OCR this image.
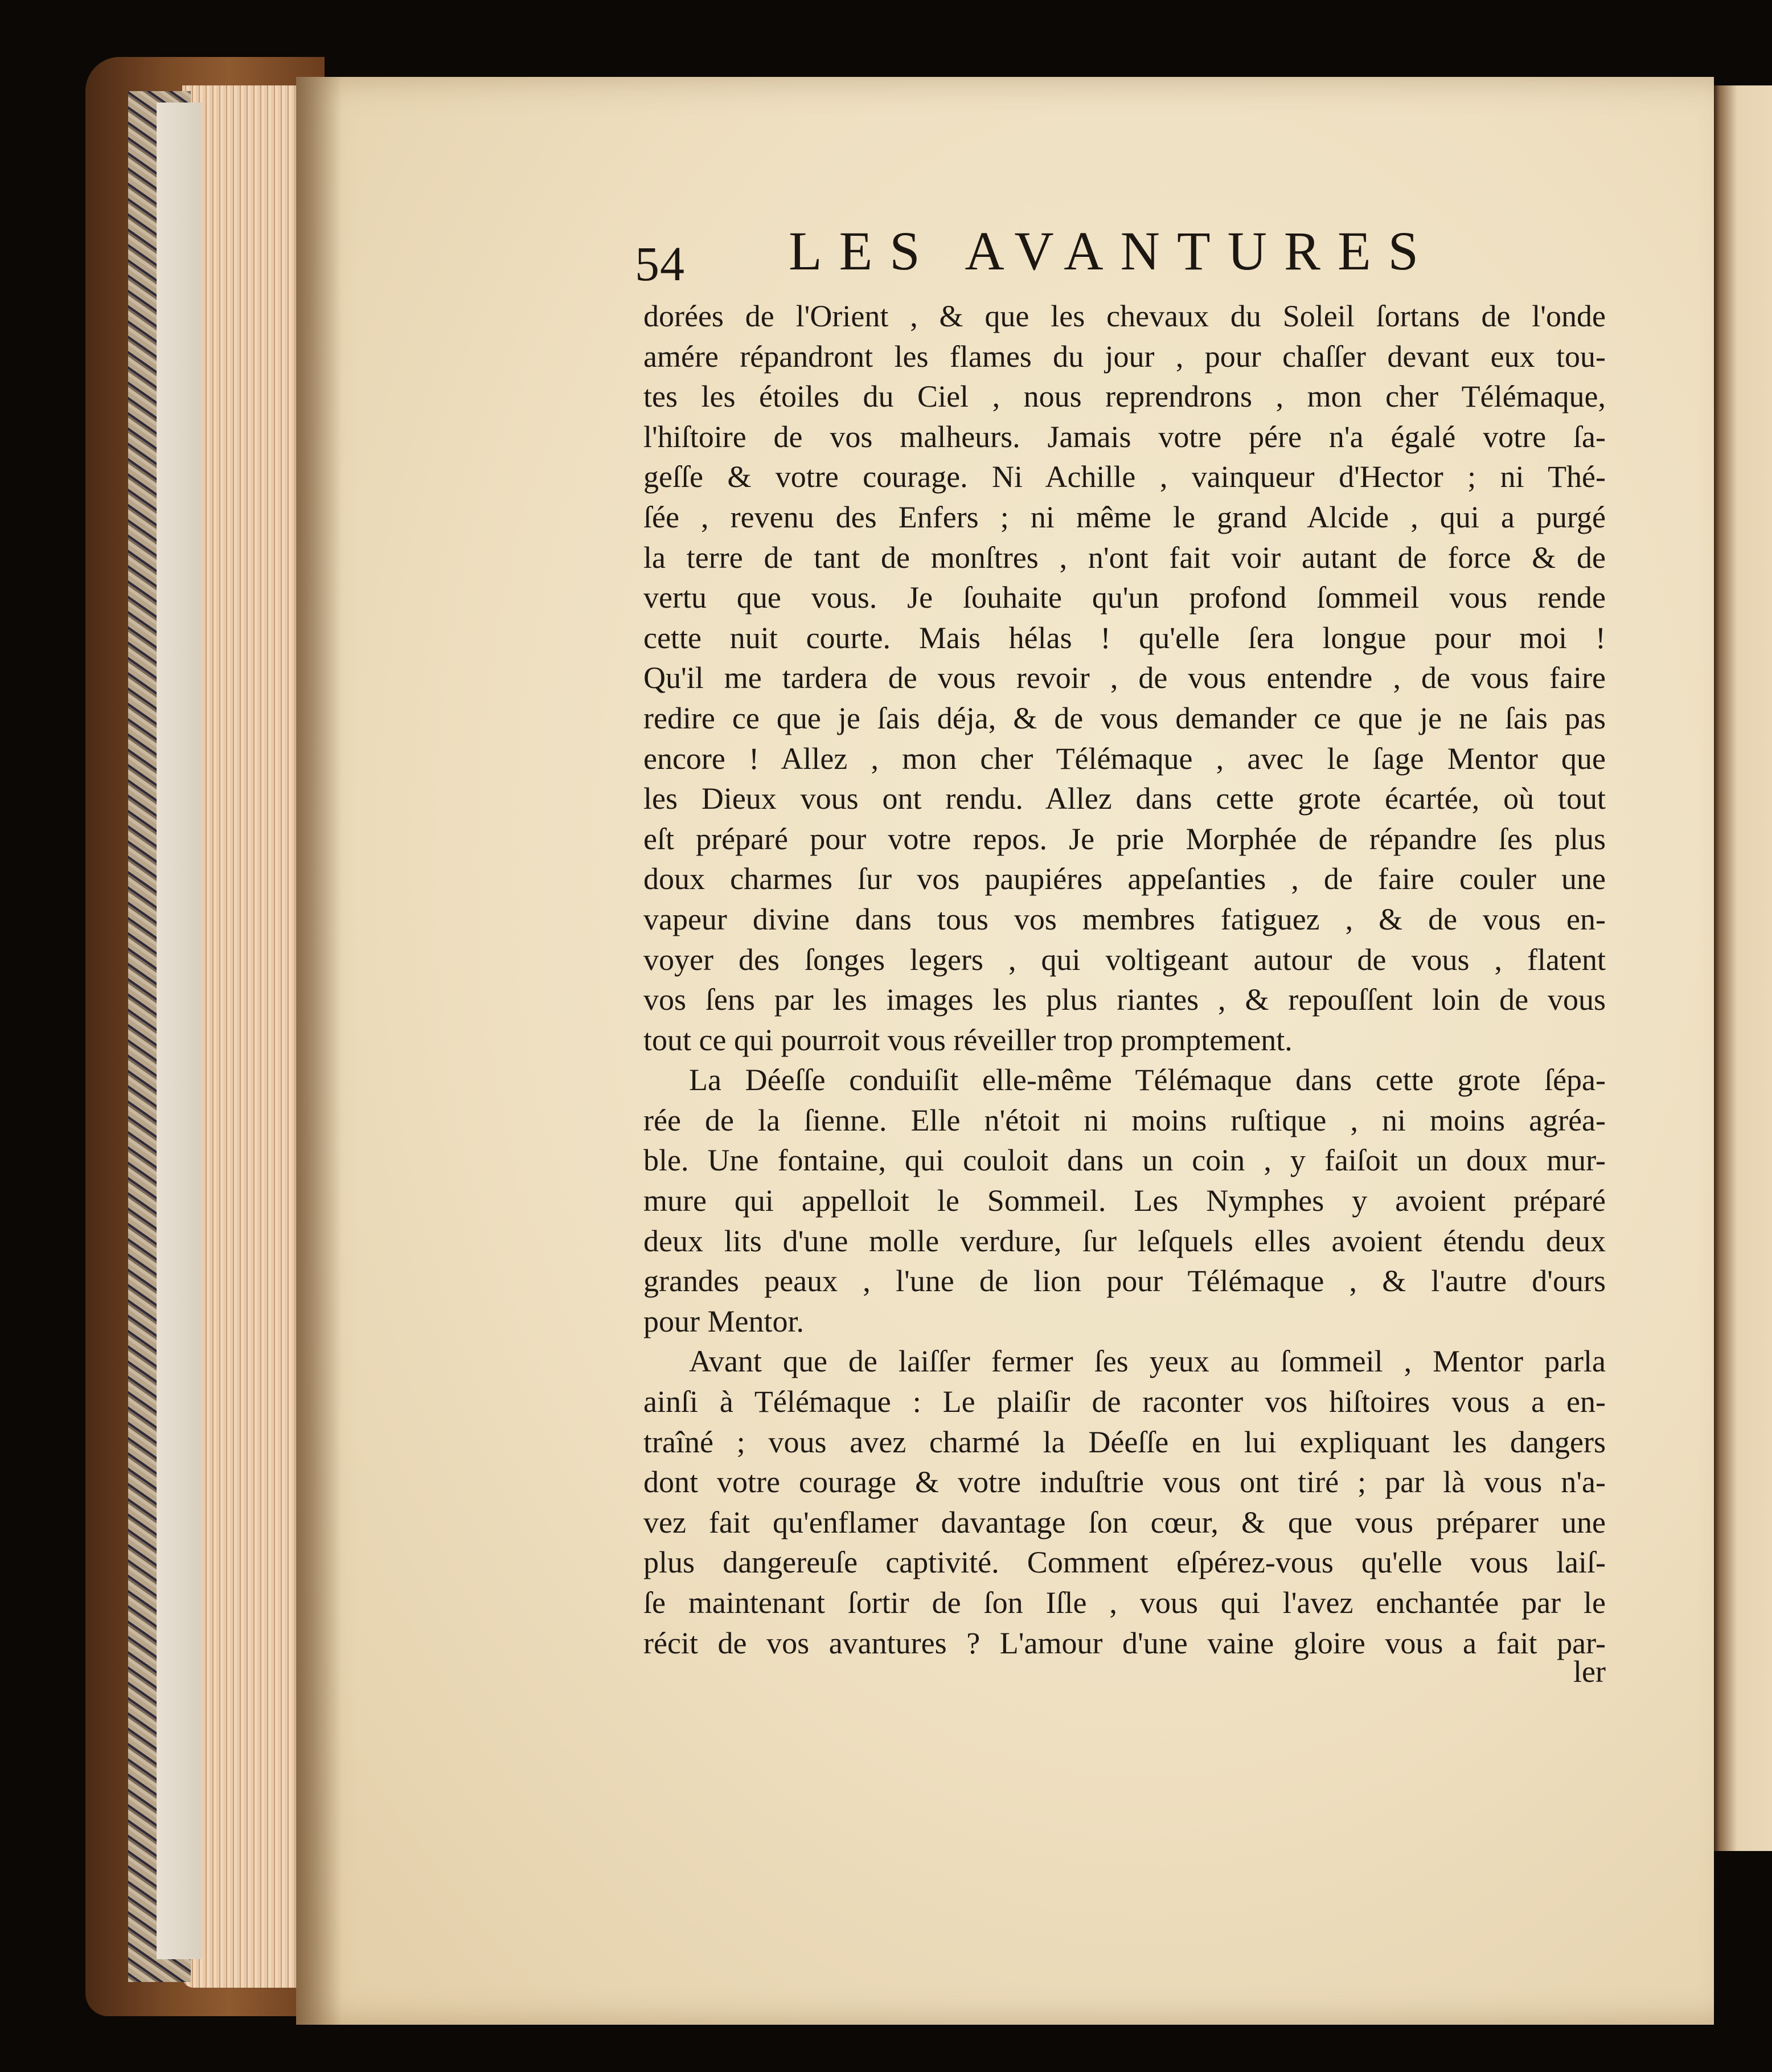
54 LES AVANTURES
dorées de l'Orient , & que les chevaux du Soleil ſortans de l'onde
amére répandront les flames du jour , pour chaſſer devant eux tou-
tes les étoiles du Ciel , nous reprendrons , mon cher Télémaque,
l'hiſtoire de vos malheurs. Jamais votre pére n'a égalé votre ſa-
geſſe & votre courage. Ni Achille , vainqueur d'Hector ; ni Thé-
ſée , revenu des Enfers ; ni même le grand Alcide , qui a purgé
la terre de tant de monſtres , n'ont fait voir autant de force & de
vertu que vous. Je ſouhaite qu'un profond ſommeil vous rende
cette nuit courte. Mais hélas ! qu'elle ſera longue pour moi !
Qu'il me tardera de vous revoir , de vous entendre , de vous faire
redire ce que je ſais déja, & de vous demander ce que je ne ſais pas
encore ! Allez , mon cher Télémaque , avec le ſage Mentor que
les Dieux vous ont rendu. Allez dans cette grote écartée, où tout
eſt préparé pour votre repos. Je prie Morphée de répandre ſes plus
doux charmes ſur vos paupiéres appeſanties , de faire couler une
vapeur divine dans tous vos membres fatiguez , & de vous en-
voyer des ſonges legers , qui voltigeant autour de vous , flatent
vos ſens par les images les plus riantes , & repouſſent loin de vous
tout ce qui pourroit vous réveiller trop promptement.
La Déeſſe conduiſit elle-même Télémaque dans cette grote ſépa-
rée de la ſienne. Elle n'étoit ni moins ruſtique , ni moins agréa-
ble. Une fontaine, qui couloit dans un coin , y faiſoit un doux mur-
mure qui appelloit le Sommeil. Les Nymphes y avoient préparé
deux lits d'une molle verdure, ſur leſquels elles avoient étendu deux
grandes peaux , l'une de lion pour Télémaque , & l'autre d'ours
pour Mentor.
Avant que de laiſſer fermer ſes yeux au ſommeil , Mentor parla
ainſi à Télémaque : Le plaiſir de raconter vos hiſtoires vous a en-
traîné ; vous avez charmé la Déeſſe en lui expliquant les dangers
dont votre courage & votre induſtrie vous ont tiré ; par là vous n'a-
vez fait qu'enflamer davantage ſon cœur, & que vous préparer une
plus dangereuſe captivité. Comment eſpérez-vous qu'elle vous laiſ-
ſe maintenant ſortir de ſon Iſle , vous qui l'avez enchantée par le
récit de vos avantures ? L'amour d'une vaine gloire vous a fait par-
ler
